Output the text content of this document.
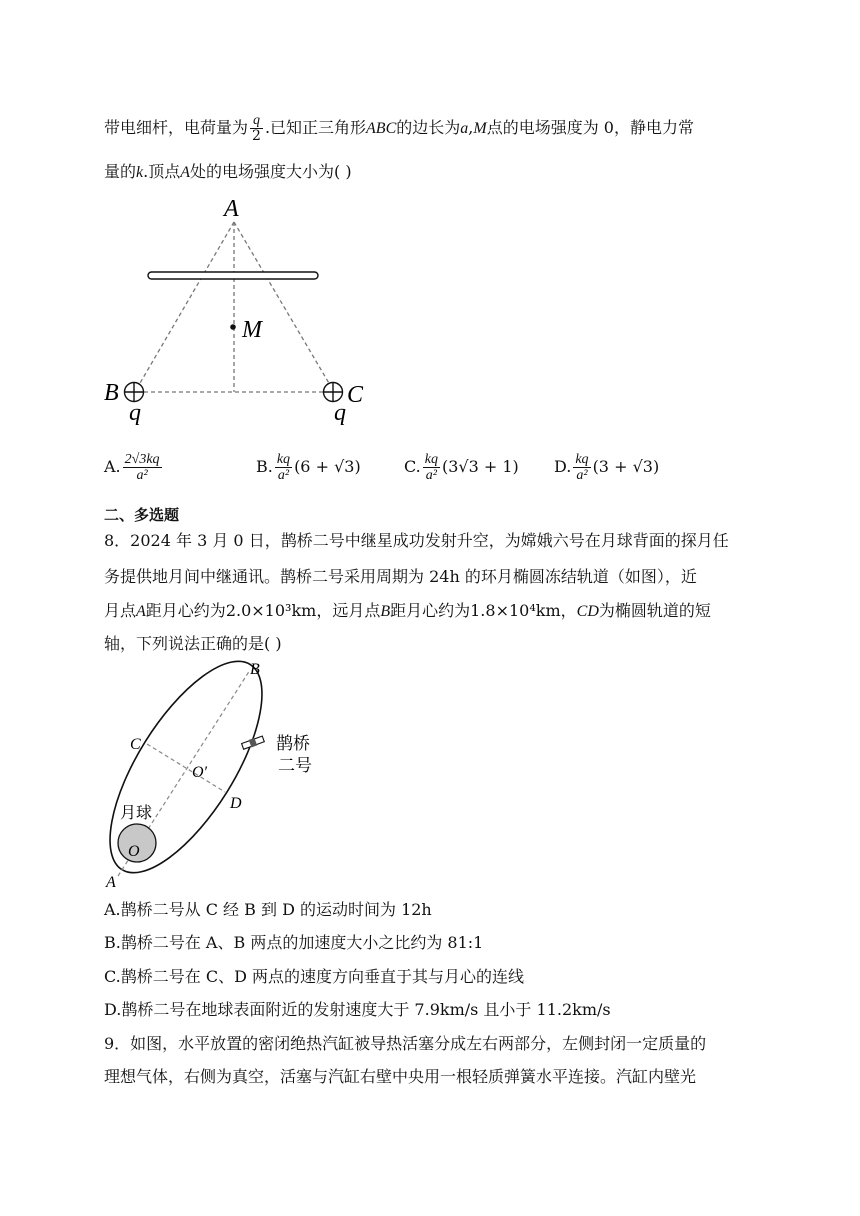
带电细杆，电荷量为 $\frac{q}{2}$ .已知正三角形ABC的边长为a,M点的电场强度为 0，静电力常
量的k.顶点A处的电场强度大小为( )
A
M
B	C
q	q
A. $\frac{2√3kq}{\text{a²}}$	B. $\frac{kq}{\text{a²}} (6 + √3)$	C. $\frac{kq}{\text{a²}} (3√3 + 1)$ D. $\frac{kq}{\text{a²}} (3 + √3)$
二、多选题
8．2024 年 3 月 0 日，鹊桥二号中继星成功发射升空，为嫦娥六号在月球背面的探月任
务提供地月间中继通讯。鹊桥二号采用周期为 24h 的环月椭圆冻结轨道（如图），近
月点A距月心约为2.0×10³km，远月点B距月心约为1.8×10⁴km，CD为椭圆轨道的短
轴，下列说法正确的是( )
B
C
O′
D
月球
O
A
鹊桥
二号
A.鹊桥二号从 C 经 B 到 D 的运动时间为 12h
B.鹊桥二号在 A、B 两点的加速度大小之比约为 81:1
C.鹊桥二号在 C、D 两点的速度方向垂直于其与月心的连线
D.鹊桥二号在地球表面附近的发射速度大于 7.9km/s 且小于 11.2km/s
9．如图，水平放置的密闭绝热汽缸被导热活塞分成左右两部分，左侧封闭一定质量的
理想气体，右侧为真空，活塞与汽缸右壁中央用一根轻质弹簧水平连接。汽缸内壁光
